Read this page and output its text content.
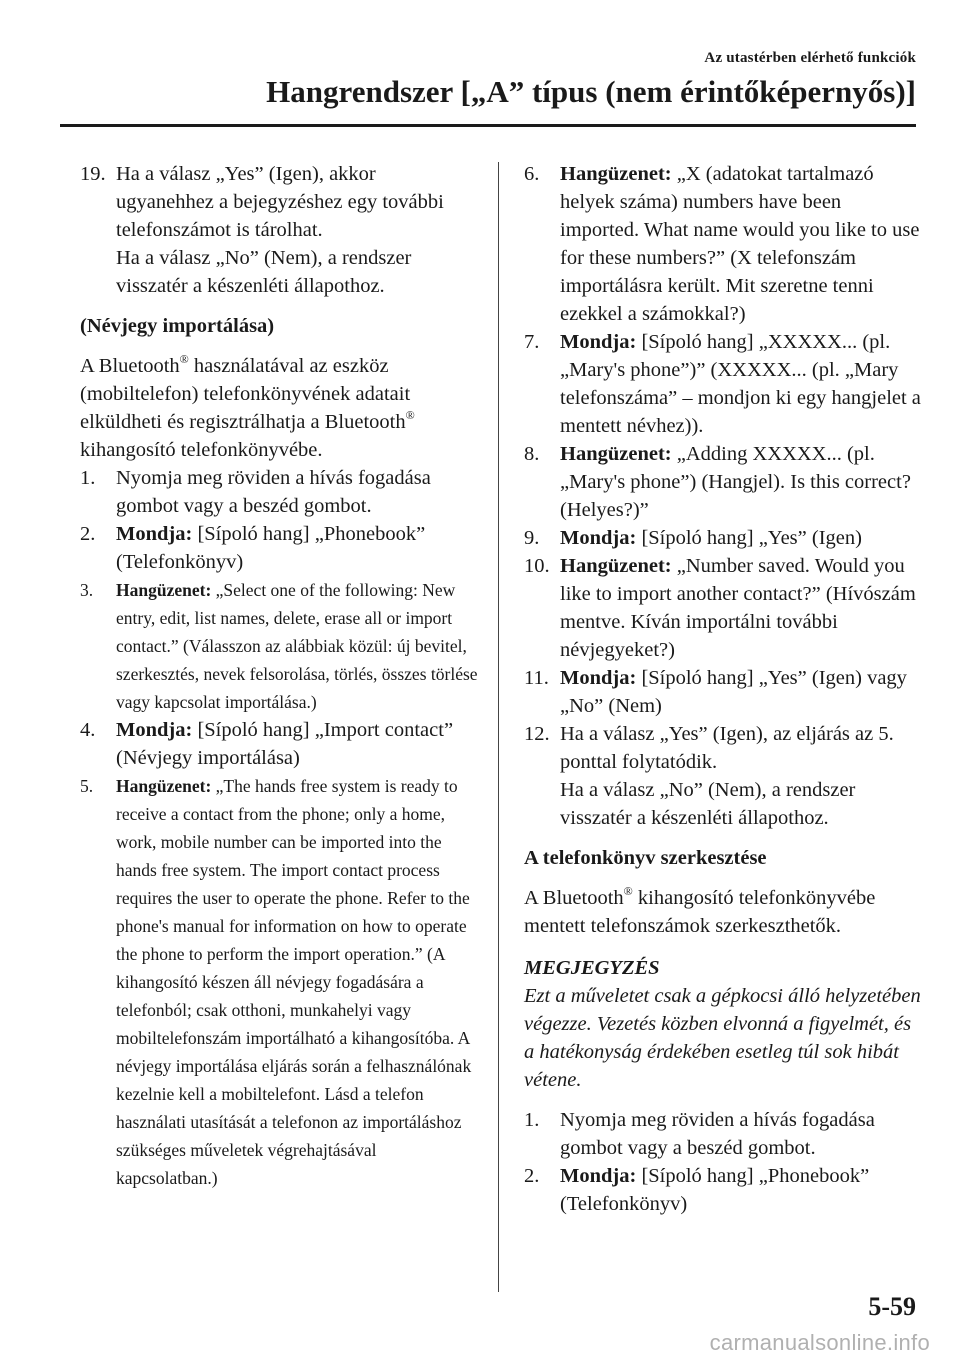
Az utastérben elérhető funkciók
Hangrendszer [„A” típus (nem érintőképernyős)]
19. Ha a válasz „Yes” (Igen), akkor ugyanehhez a bejegyzéshez egy további telefonszámot is tárolhat.
Ha a válasz „No” (Nem), a rendszer visszatér a készenléti állapothoz.
(Névjegy importálása)
A Bluetooth® használatával az eszköz (mobiltelefon) telefonkönyvének adatait elküldheti és regisztrálhatja a Bluetooth® kihangosító telefonkönyvébe.
1. Nyomja meg röviden a hívás fogadása gombot vagy a beszéd gombot.
2. Mondja: [Sípoló hang] „Phonebook” (Telefonkönyv)
3. Hangüzenet: „Select one of the following: New entry, edit, list names, delete, erase all or import contact.” (Válasszon az alábbiak közül: új bevitel, szerkesztés, nevek felsorolása, törlés, összes törlése vagy kapcsolat importálása.)
4. Mondja: [Sípoló hang] „Import contact” (Névjegy importálása)
5. Hangüzenet: „The hands free system is ready to receive a contact from the phone; only a home, work, mobile number can be imported into the hands free system. The import contact process requires the user to operate the phone. Refer to the phone's manual for information on how to operate the phone to perform the import operation.” (A kihangosító készen áll névjegy fogadására a telefonból; csak otthoni, munkahelyi vagy mobiltelefonszám importálható a kihangosítóba. A névjegy importálása eljárás során a felhasználónak kezelnie kell a mobiltelefont. Lásd a telefon használati utasítását a telefonon az importáláshoz szükséges műveletek végrehajtásával kapcsolatban.)
6. Hangüzenet: „X (adatokat tartalmazó helyek száma) numbers have been imported. What name would you like to use for these numbers?” (X telefonszám importálásra került. Mit szeretne tenni ezekkel a számokkal?)
7. Mondja: [Sípoló hang] „XXXXX... (pl. „Mary's phone”)” (XXXXX... (pl. „Mary telefonszáma” – mondjon ki egy hangjelet a mentett névhez)).
8. Hangüzenet: „Adding XXXXX... (pl. „Mary's phone”) (Hangjel). Is this correct? (Helyes?)”
9. Mondja: [Sípoló hang] „Yes” (Igen)
10. Hangüzenet: „Number saved. Would you like to import another contact?” (Hívószám mentve. Kíván importálni további névjegyeket?)
11. Mondja: [Sípoló hang] „Yes” (Igen) vagy „No” (Nem)
12. Ha a válasz „Yes” (Igen), az eljárás az 5. ponttal folytatódik.
Ha a válasz „No” (Nem), a rendszer visszatér a készenléti állapothoz.
A telefonkönyv szerkesztése
A Bluetooth® kihangosító telefonkönyvébe mentett telefonszámok szerkeszthetők.
MEGJEGYZÉS
Ezt a műveletet csak a gépkocsi álló helyzetében végezze. Vezetés közben elvonná a figyelmét, és a hatékonyság érdekében esetleg túl sok hibát vétene.
1. Nyomja meg röviden a hívás fogadása gombot vagy a beszéd gombot.
2. Mondja: [Sípoló hang] „Phonebook” (Telefonkönyv)
5-59
carmanualsonline.info
